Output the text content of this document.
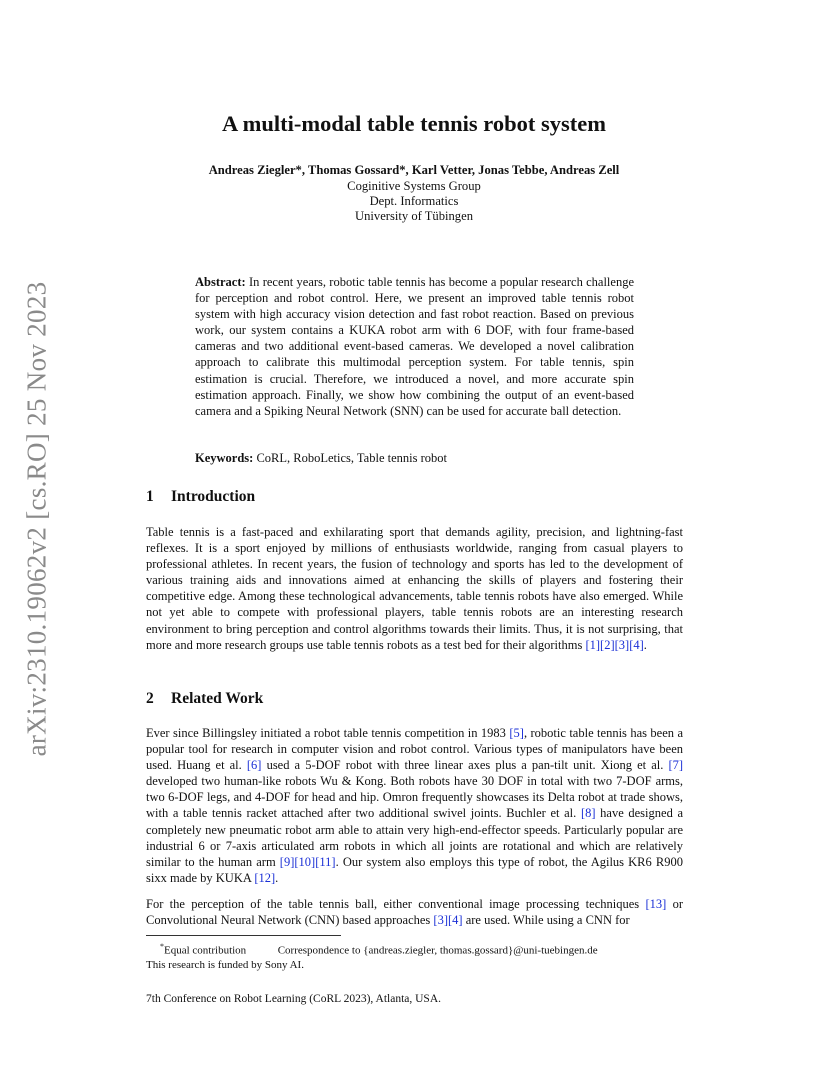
arXiv:2310.19062v2 [cs.RO] 25 Nov 2023
A multi-modal table tennis robot system
Andreas Ziegler*, Thomas Gossard*, Karl Vetter, Jonas Tebbe, Andreas Zell
Coginitive Systems Group
Dept. Informatics
University of Tübingen
Abstract: In recent years, robotic table tennis has become a popular research challenge for perception and robot control. Here, we present an improved table tennis robot system with high accuracy vision detection and fast robot reaction. Based on previous work, our system contains a KUKA robot arm with 6 DOF, with four frame-based cameras and two additional event-based cameras. We developed a novel calibration approach to calibrate this multimodal perception system. For table tennis, spin estimation is crucial. Therefore, we introduced a novel, and more accurate spin estimation approach. Finally, we show how combining the output of an event-based camera and a Spiking Neural Network (SNN) can be used for accurate ball detection.
Keywords: CoRL, RoboLetics, Table tennis robot
1 Introduction
Table tennis is a fast-paced and exhilarating sport that demands agility, precision, and lightning-fast reflexes. It is a sport enjoyed by millions of enthusiasts worldwide, ranging from casual players to professional athletes. In recent years, the fusion of technology and sports has led to the development of various training aids and innovations aimed at enhancing the skills of players and fostering their competitive edge. Among these technological advancements, table tennis robots have also emerged. While not yet able to compete with professional players, table tennis robots are an interesting research environment to bring perception and control algorithms towards their limits. Thus, it is not surprising, that more and more research groups use table tennis robots as a test bed for their algorithms [1][2][3][4].
2 Related Work
Ever since Billingsley initiated a robot table tennis competition in 1983 [5], robotic table tennis has been a popular tool for research in computer vision and robot control. Various types of manipulators have been used. Huang et al. [6] used a 5-DOF robot with three linear axes plus a pan-tilt unit. Xiong et al. [7] developed two human-like robots Wu & Kong. Both robots have 30 DOF in total with two 7-DOF arms, two 6-DOF legs, and 4-DOF for head and hip. Omron frequently showcases its Delta robot at trade shows, with a table tennis racket attached after two additional swivel joints. Buchler et al. [8] have designed a completely new pneumatic robot arm able to attain very high-end-effector speeds. Particularly popular are industrial 6 or 7-axis articulated arm robots in which all joints are rotational and which are relatively similar to the human arm [9][10][11]. Our system also employs this type of robot, the Agilus KR6 R900 sixx made by KUKA [12].
For the perception of the table tennis ball, either conventional image processing techniques [13] or Convolutional Neural Network (CNN) based approaches [3][4] are used. While using a CNN for
*Equal contribution	Correspondence to {andreas.ziegler, thomas.gossard}@uni-tuebingen.de
This research is funded by Sony AI.
7th Conference on Robot Learning (CoRL 2023), Atlanta, USA.
